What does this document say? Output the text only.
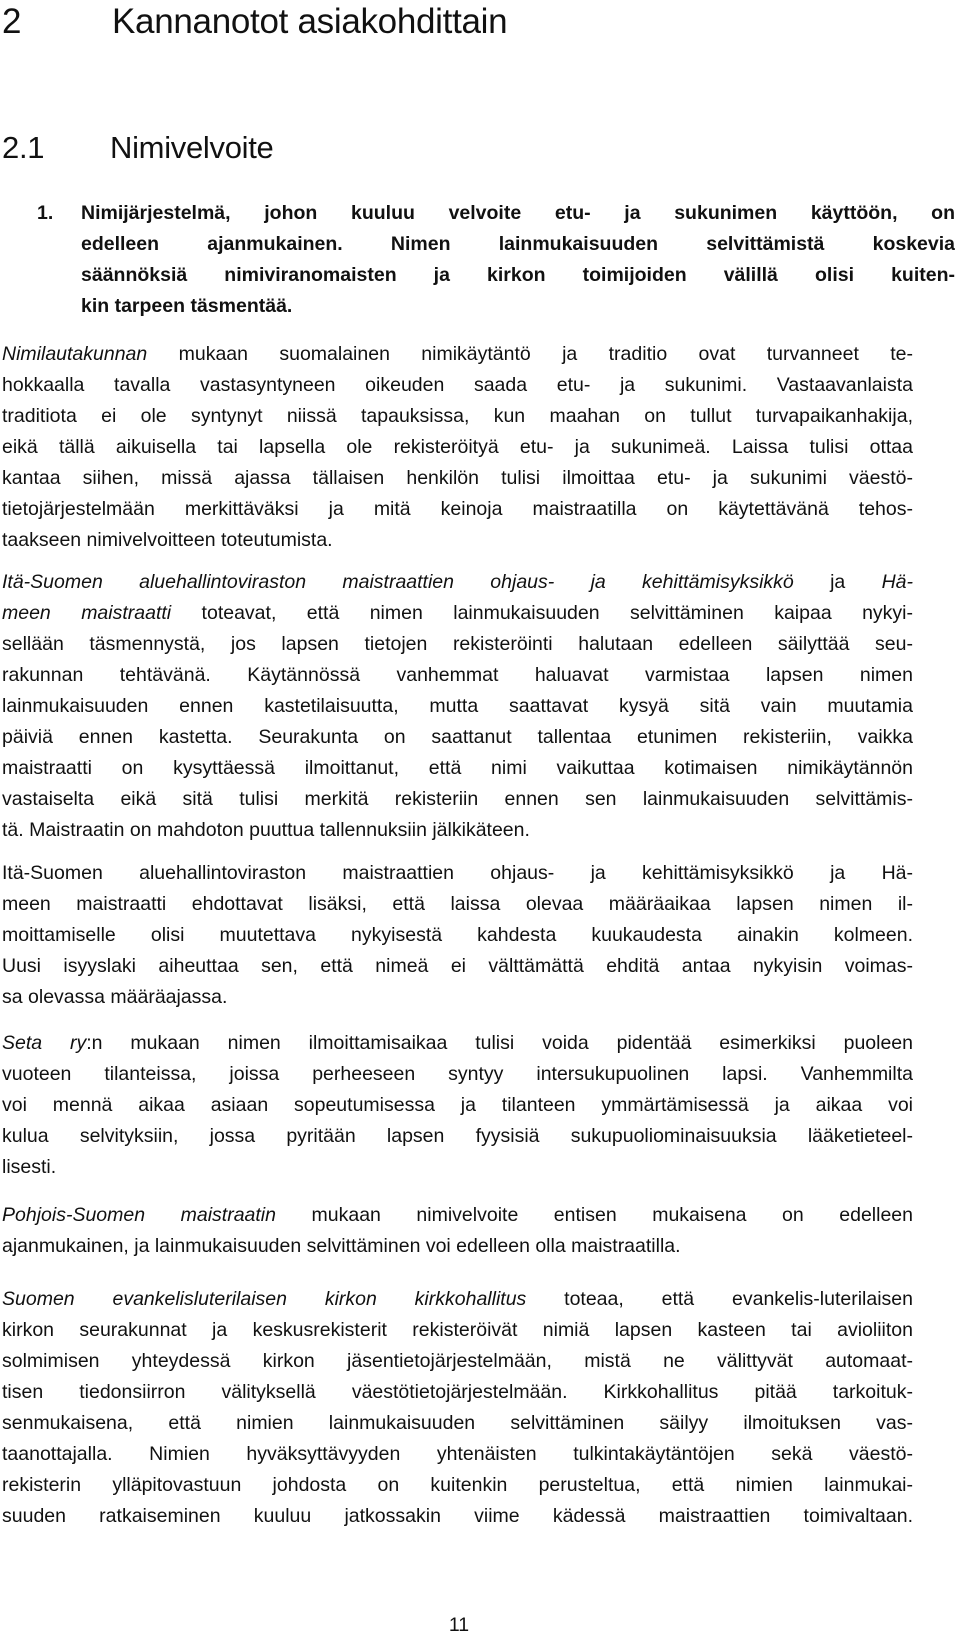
2	Kannanotot asiakohdittain
2.1 Nimivelvoite
1.	Nimijärjestelmä, johon kuuluu velvoite etu- ja sukunimen käyttöön, on
edelleen ajanmukainen. Nimen lainmukaisuuden selvittämistä koskevia
säännöksiä nimiviranomaisten ja kirkon toimijoiden välillä olisi kuiten-
kin tarpeen täsmentää.
Nimilautakunnan mukaan suomalainen nimikäytäntö ja traditio ovat turvanneet te-
hokkaalla tavalla vastasyntyneen oikeuden saada etu- ja sukunimi. Vastaavanlaista
traditiota ei ole syntynyt niissä tapauksissa, kun maahan on tullut turvapaikanhakija,
eikä tällä aikuisella tai lapsella ole rekisteröityä etu- ja sukunimeä. Laissa tulisi ottaa
kantaa siihen, missä ajassa tällaisen henkilön tulisi ilmoittaa etu- ja sukunimi väestö-
tietojärjestelmään merkittäväksi ja mitä keinoja maistraatilla on käytettävänä tehos-
taakseen nimivelvoitteen toteutumista.
Itä-Suomen aluehallintoviraston maistraattien ohjaus- ja kehittämisyksikkö ja Hä-
meen maistraatti toteavat, että nimen lainmukaisuuden selvittäminen kaipaa nykyi-
sellään täsmennystä, jos lapsen tietojen rekisteröinti halutaan edelleen säilyttää seu-
rakunnan tehtävänä. Käytännössä vanhemmat haluavat varmistaa lapsen nimen
lainmukaisuuden ennen kastetilaisuutta, mutta saattavat kysyä sitä vain muutamia
päiviä ennen kastetta. Seurakunta on saattanut tallentaa etunimen rekisteriin, vaikka
maistraatti on kysyttäessä ilmoittanut, että nimi vaikuttaa kotimaisen nimikäytännön
vastaiselta eikä sitä tulisi merkitä rekisteriin ennen sen lainmukaisuuden selvittämis-
tä. Maistraatin on mahdoton puuttua tallennuksiin jälkikäteen.
Itä-Suomen aluehallintoviraston maistraattien ohjaus- ja kehittämisyksikkö ja Hä-
meen maistraatti ehdottavat lisäksi, että laissa olevaa määräaikaa lapsen nimen il-
moittamiselle olisi muutettava nykyisestä kahdesta kuukaudesta ainakin kolmeen.
Uusi isyyslaki aiheuttaa sen, että nimeä ei välttämättä ehditä antaa nykyisin voimas-
sa olevassa määräajassa.
Seta ry:n mukaan nimen ilmoittamisaikaa tulisi voida pidentää esimerkiksi puoleen
vuoteen tilanteissa, joissa perheeseen syntyy intersukupuolinen lapsi. Vanhemmilta
voi mennä aikaa asiaan sopeutumisessa ja tilanteen ymmärtämisessä ja aikaa voi
kulua selvityksiin, jossa pyritään lapsen fyysisiä sukupuoliominaisuuksia lääketieteel-
lisesti.
Pohjois-Suomen maistraatin mukaan nimivelvoite entisen mukaisena on edelleen
ajanmukainen, ja lainmukaisuuden selvittäminen voi edelleen olla maistraatilla.
Suomen evankelisluterilaisen kirkon kirkkohallitus toteaa, että evankelis-luterilaisen
kirkon seurakunnat ja keskusrekisterit rekisteröivät nimiä lapsen kasteen tai avioliiton
solmimisen yhteydessä kirkon jäsentietojärjestelmään, mistä ne välittyvät automaat-
tisen tiedonsiirron välityksellä väestötietojärjestelmään. Kirkkohallitus pitää tarkoituk-
senmukaisena, että nimien lainmukaisuuden selvittäminen säilyy ilmoituksen vas-
taanottajalla. Nimien hyväksyttävyyden yhtenäisten tulkintakäytäntöjen sekä väestö-
rekisterin ylläpitovastuun johdosta on kuitenkin perusteltua, että nimien lainmukai-
suuden ratkaiseminen kuuluu jatkossakin viime kädessä maistraattien toimivaltaan.
11
